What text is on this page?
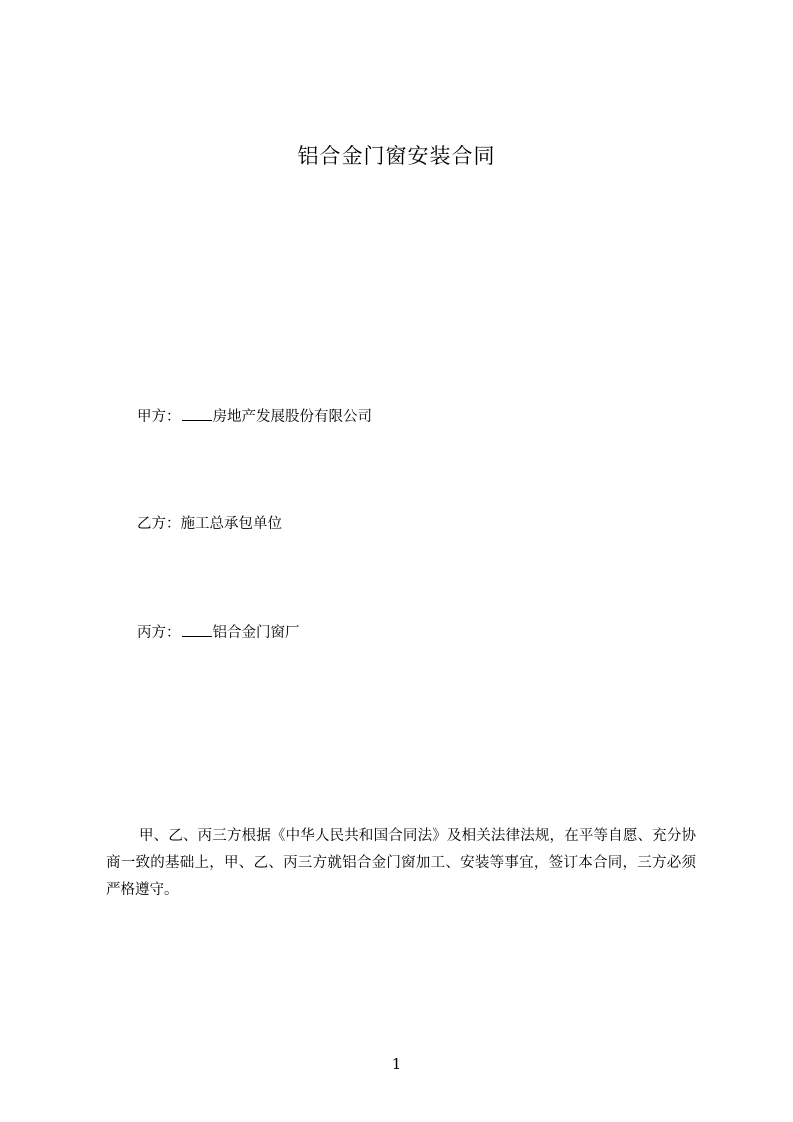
铝合金门窗安装合同
甲方： 房地产发展股份有限公司
乙方：施工总承包单位
丙方： 铝合金门窗厂

甲、乙、丙三方根据《中华人民共和国合同法》及相关法律法规，在平等自愿、充分协商一致的基础上，甲、乙、丙三方就铝合金门窗加工、安装等事宜，签订本合同，三方必须严格遵守。

1
